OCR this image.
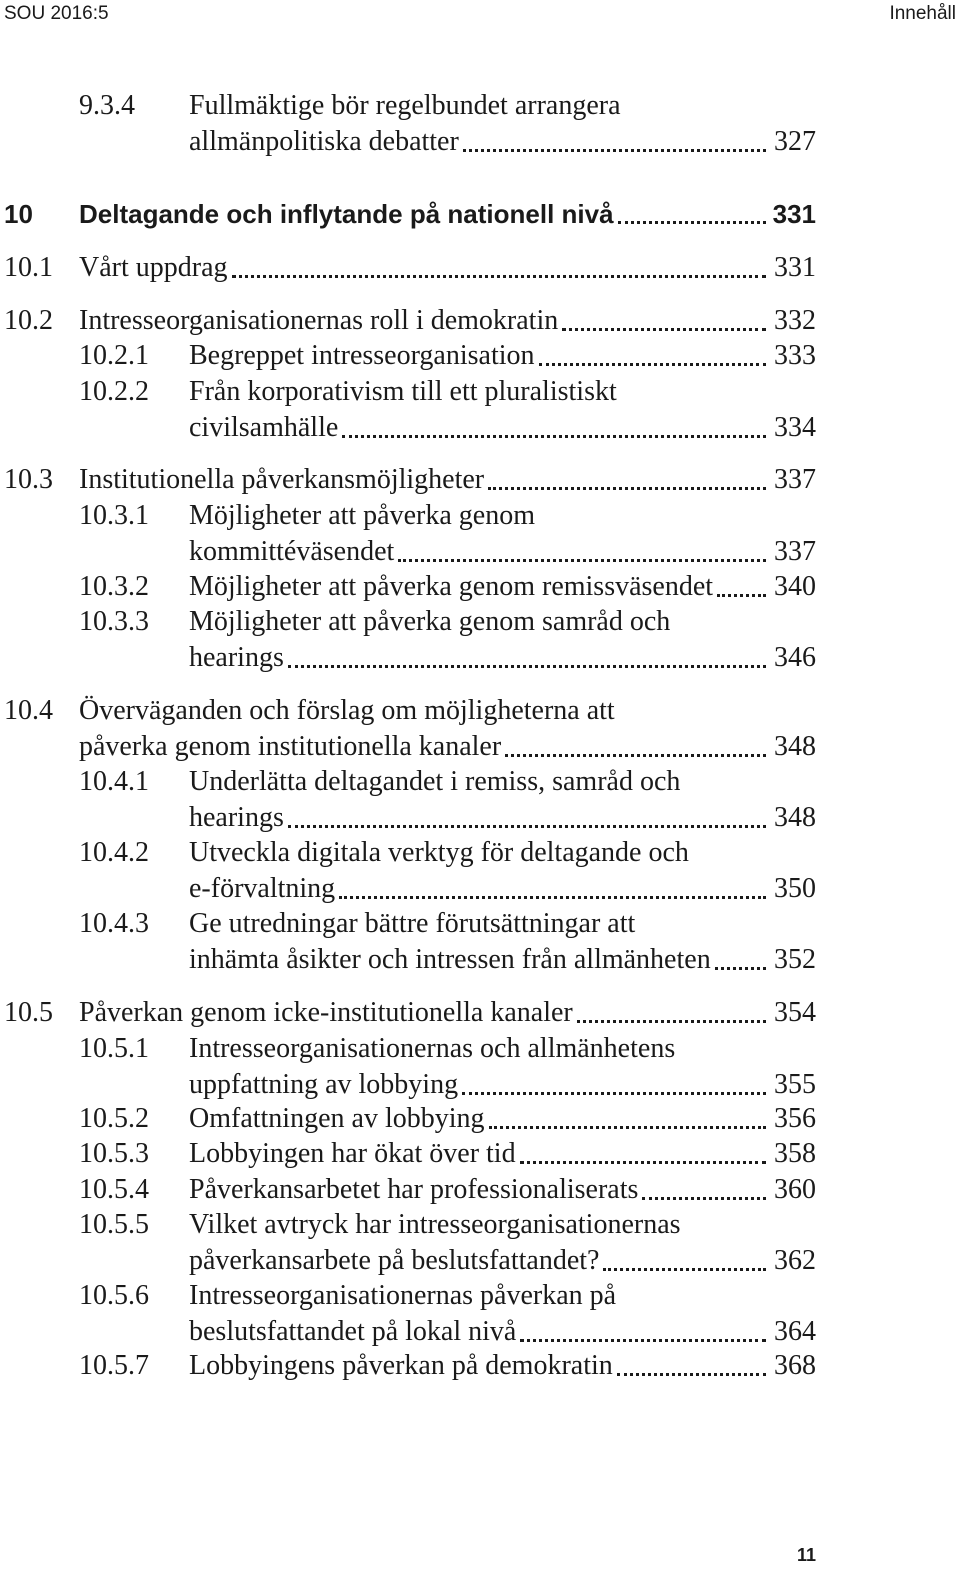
SOU 2016:5	Innehåll
9.3.4 Fullmäktige bör regelbundet arrangera
allmänpolitiska debatter	327
10 Deltagande och inflytande på nationell nivå	331
10.1 Vårt uppdrag	331
10.2 Intresseorganisationernas roll i demokratin	332
10.2.1 Begreppet intresseorganisation	333
10.2.2 Från korporativism till ett pluralistiskt
civilsamhälle	334
10.3 Institutionella påverkansmöjligheter	337
10.3.1 Möjligheter att påverka genom
kommittéväsendet	337
10.3.2 Möjligheter att påverka genom remissväsendet 340
10.3.3 Möjligheter att påverka genom samråd och
hearings	346
10.4 Överväganden och förslag om möjligheterna att
påverka genom institutionella kanaler	348
10.4.1 Underlätta deltagandet i remiss, samråd och
hearings	348
10.4.2 Utveckla digitala verktyg för deltagande och
e-förvaltning	350
10.4.3 Ge utredningar bättre förutsättningar att
inhämta åsikter och intressen från allmänheten 352
10.5 Påverkan genom icke-institutionella kanaler	354
10.5.1 Intresseorganisationernas och allmänhetens
uppfattning av lobbying	355
10.5.2 Omfattningen av lobbying	356
10.5.3 Lobbyingen har ökat över tid	358
10.5.4 Påverkansarbetet har professionaliserats	360
10.5.5 Vilket avtryck har intresseorganisationernas
påverkansarbete på beslutsfattandet?	362
10.5.6 Intresseorganisationernas påverkan på
beslutsfattandet på lokal nivå	364
10.5.7 Lobbyingens påverkan på demokratin	368
11
